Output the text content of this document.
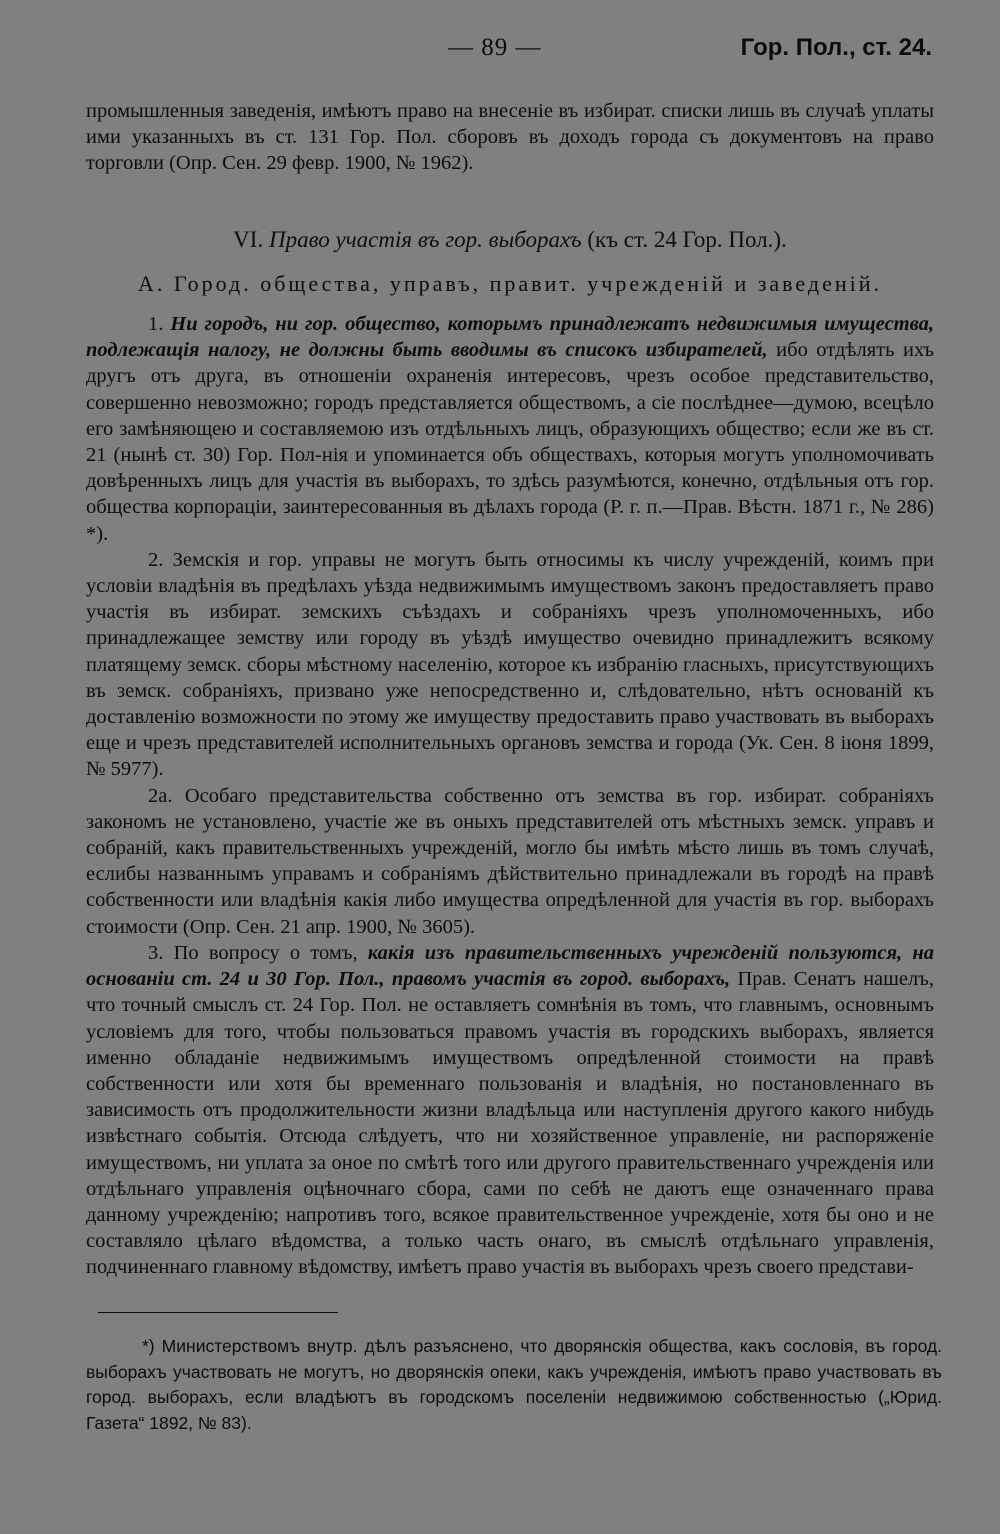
— 89 —	Гор. Пол., ст. 24.

промышленныя заведенія, имѣютъ право на внесеніе въ избират. списки лишь въ случаѣ уплаты ими указанныхъ въ ст. 131 Гор. Пол. сборовъ въ доходъ города съ документовъ на право торговли (Опр. Сен. 29 февр. 1900, № 1962).

VI. Право участія въ гор. выборахъ (къ ст. 24 Гор. Пол.).

А. Город. общества, управъ, правит. учрежденій и заведеній.

1. Ни городъ, ни гор. общество, которымъ принадлежатъ недвижимыя имущества, подлежащія налогу, не должны быть вводимы въ списокъ избирателей, ибо отдѣлять ихъ другъ отъ друга, въ отношеніи охраненія интересовъ, чрезъ особое представительство, совершенно невозможно; городъ представляется обществомъ, а сіе послѣднее—думою, всецѣло его замѣняющею и составляемою изъ отдѣльныхъ лицъ, образующихъ общество; если же въ ст. 21 (нынѣ ст. 30) Гор. Пол-нія и упоминается объ обществахъ, которыя могутъ уполномочивать довѣренныхъ лицъ для участія въ выборахъ, то здѣсь разумѣются, конечно, отдѣльныя отъ гор. общества корпораціи, заинтересованныя въ дѣлахъ города (Р. г. п.—Прав. Вѣстн. 1871 г., № 286) *).

2. Земскія и гор. управы не могутъ быть относимы къ числу учрежденій, коимъ при условіи владѣнія въ предѣлахъ уѣзда недвижимымъ имуществомъ законъ предоставляетъ право участія въ избират. земскихъ съѣздахъ и собраніяхъ чрезъ уполномоченныхъ, ибо принадлежащее земству или городу въ уѣздѣ имущество очевидно принадлежитъ всякому платящему земск. сборы мѣстному населенію, которое къ избранію гласныхъ, присутствующихъ въ земск. собраніяхъ, призвано уже непосредственно и, слѣдовательно, нѣтъ основаній къ доставленію возможности по этому же имуществу предоставить право участвовать въ выборахъ еще и чрезъ представителей исполнительныхъ органовъ земства и города (Ук. Сен. 8 іюня 1899, № 5977).

2а. Особаго представительства собственно отъ земства въ гор. избират. собраніяхъ закономъ не установлено, участіе же въ оныхъ представителей отъ мѣстныхъ земск. управъ и собраній, какъ правительственныхъ учрежденій, могло бы имѣть мѣсто лишь въ томъ случаѣ, еслибы названнымъ управамъ и собраніямъ дѣйствительно принадлежали въ городѣ на правѣ собственности или владѣнія какія либо имущества опредѣленной для участія въ гор. выборахъ стоимости (Опр. Сен. 21 апр. 1900, № 3605).

3. По вопросу о томъ, какія изъ правительственныхъ учрежденій пользуются, на основаніи ст. 24 и 30 Гор. Пол., правомъ участія въ город. выборахъ, Прав. Сенатъ нашелъ, что точный смыслъ ст. 24 Гор. Пол. не оставляетъ сомнѣнія въ томъ, что главнымъ, основнымъ условіемъ для того, чтобы пользоваться правомъ участія въ городскихъ выборахъ, является именно обладаніе недвижимымъ имуществомъ опредѣленной стоимости на правѣ собственности или хотя бы временнаго пользованія и владѣнія, но постановленнаго въ зависимость отъ продолжительности жизни владѣльца или наступленія другого какого нибудь извѣстнаго событія. Отсюда слѣдуетъ, что ни хозяйственное управленіе, ни распоряженіе имуществомъ, ни уплата за оное по смѣтѣ того или другого правительственнаго учрежденія или отдѣльнаго управленія оцѣночнаго сбора, сами по себѣ не даютъ еще означеннаго права данному учрежденію; напротивъ того, всякое правительственное учрежденіе, хотя бы оно и не составляло цѣлаго вѣдомства, а только часть онаго, въ смыслѣ отдѣльнаго управленія, подчиненнаго главному вѣдомству, имѣетъ право участія въ выборахъ чрезъ своего представи-

*) Министерствомъ внутр. дѣлъ разъяснено, что дворянскія общества, какъ сословія, въ город. выборахъ участвовать не могутъ, но дворянскія опеки, какъ учрежденія, имѣютъ право участвовать въ город. выборахъ, если владѣютъ въ городскомъ поселеніи недвижимою собственностью („Юрид. Газета“ 1892, № 83).
